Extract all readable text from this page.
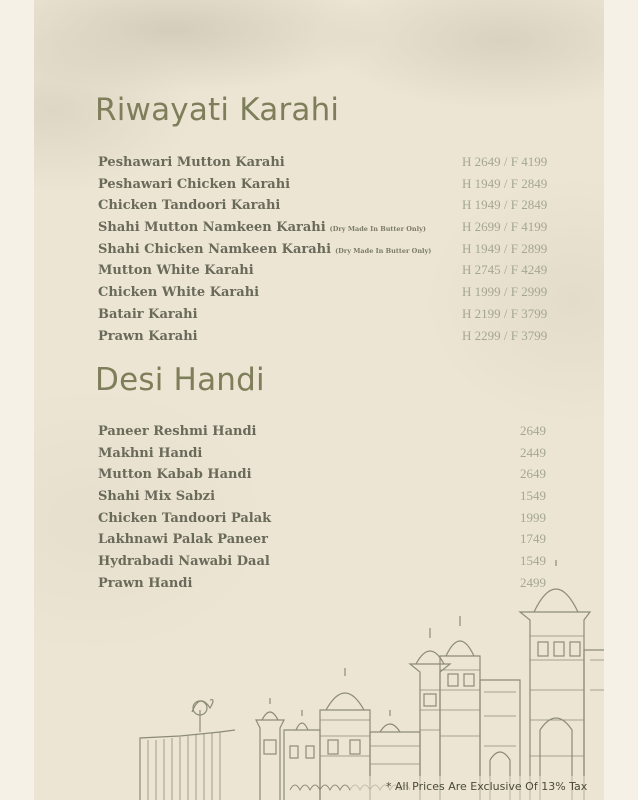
Riwayati Karahi
Peshawari Mutton Karahi	H 2649 / F 4199
Peshawari Chicken Karahi	H 1949 / F 2849
Chicken Tandoori Karahi	H 1949 / F 2849
Shahi Mutton Namkeen Karahi (Dry Made In Butter Only)	H 2699 / F 4199
Shahi Chicken Namkeen Karahi (Dry Made In Butter Only) H 1949 / F 2899
Mutton White Karahi	H 2745 / F 4249
Chicken White Karahi	H 1999 / F 2999
Batair Karahi	H 2199 / F 3799
Prawn Karahi	H 2299 / F 3799
Desi Handi
Paneer Reshmi Handi	2649
Makhni Handi	2449
Mutton Kabab Handi	2649
Shahi Mix Sabzi	1549
Chicken Tandoori Palak	1999
Lakhnawi Palak Paneer	1749
Hydrabadi Nawabi Daal	1549
Prawn Handi	2499
* All Prices Are Exclusive Of 13% Tax
